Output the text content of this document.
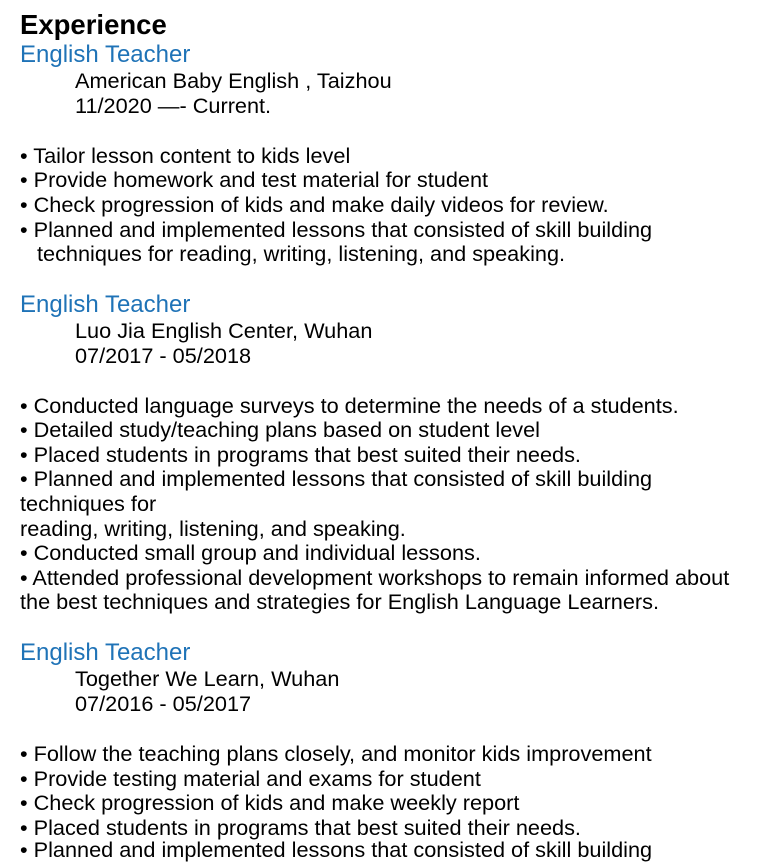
Experience
English Teacher
American Baby English , Taizhou
11/2020 —- Current.
• Tailor lesson content to kids level
• Provide homework and test material for student
• Check progression of kids and make daily videos for review.
• Planned and implemented lessons that consisted of skill building
techniques for reading, writing, listening, and speaking.
English Teacher
Luo Jia English Center, Wuhan
07/2017 - 05/2018
• Conducted language surveys to determine the needs of a students.
• Detailed study/teaching plans based on student level
• Placed students in programs that best suited their needs.
• Planned and implemented lessons that consisted of skill building
techniques for
reading, writing, listening, and speaking.
• Conducted small group and individual lessons.
• Attended professional development workshops to remain informed about
the best techniques and strategies for English Language Learners.
English Teacher
Together We Learn, Wuhan
07/2016 - 05/2017
• Follow the teaching plans closely, and monitor kids improvement
• Provide testing material and exams for student
• Check progression of kids and make weekly report
• Placed students in programs that best suited their needs.
• Planned and implemented lessons that consisted of skill building
